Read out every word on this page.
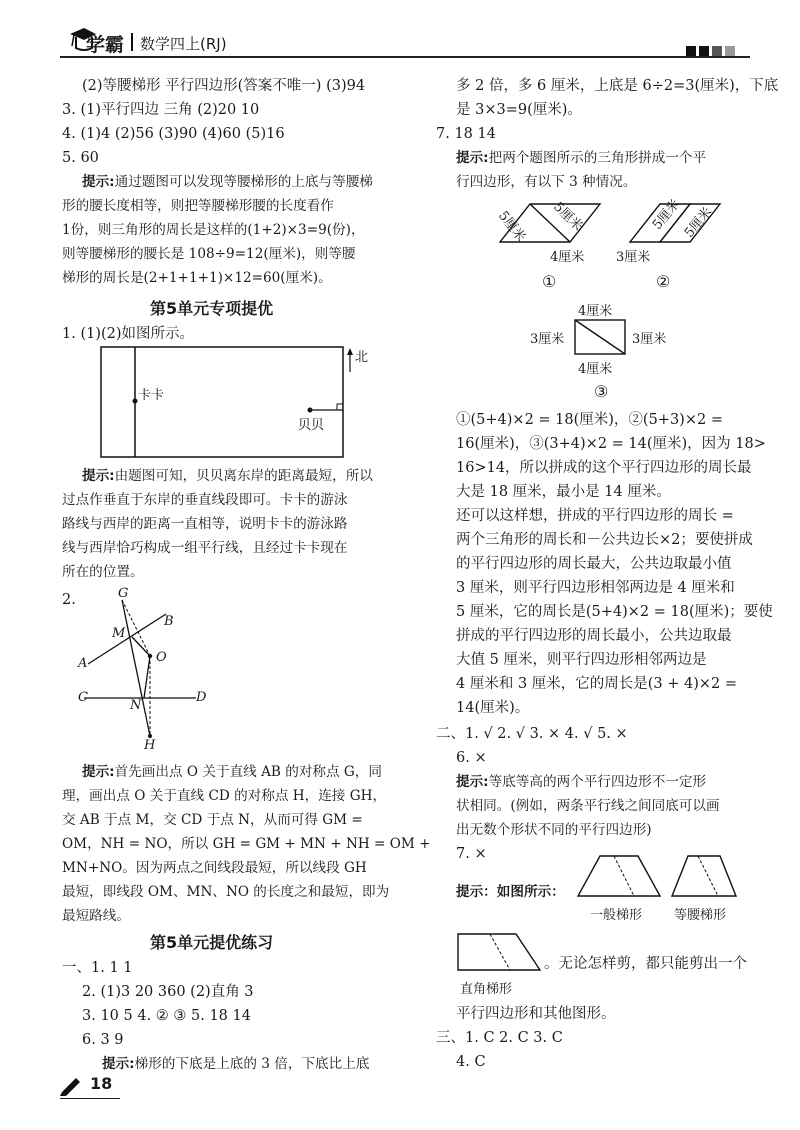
学霸 数学四上(RJ)
(2)等腰梯形 平行四边形(答案不唯一) (3)94
3. (1)平行四边 三角 (2)20 10
4. (1)4 (2)56 (3)90 (4)60 (5)16
5. 60
提示:通过题图可以发现等腰梯形的上底与等腰梯
形的腰长度相等，则把等腰梯形腰的长度看作
1份，则三角形的周长是这样的(1+2)×3=9(份)，
则等腰梯形的腰长是 108÷9=12(厘米)，则等腰
梯形的周长是(2+1+1+1)×12=60(厘米)。
第5单元专项提优
1. (1)(2)如图所示。
卡卡
贝贝
北
提示:由题图可知，贝贝离东岸的距离最短，所以
过点作垂直于东岸的垂直线段即可。卡卡的游泳
路线与西岸的距离一直相等，说明卡卡的游泳路
线与西岸恰巧构成一组平行线，且经过卡卡现在
所在的位置。
2.	G
B
M
O
A
C
N
D
H
提示:首先画出点 O 关于直线 AB 的对称点 G，同
理，画出点 O 关于直线 CD 的对称点 H，连接 GH，
交 AB 于点 M，交 CD 于点 N，从而可得 GM =
OM，NH = NO，所以 GH = GM + MN + NH = OM +
MN+NO。因为两点之间线段最短，所以线段 GH
最短，即线段 OM、MN、NO 的长度之和最短，即为
最短路线。
第5单元提优练习
一、1. 1 1
2. (1)3 20 360 (2)直角 3
3. 10 5 4. ② ③ 5. 18 14
6. 3 9
提示:梯形的下底是上底的 3 倍，下底比上底
18
多 2 倍，多 6 厘米，上底是 6÷2=3(厘米)，下底
是 3×3=9(厘米)。
7. 18 14
提示:把两个题图所示的三角形拼成一个平
行四边形，有以下 3 种情况。
5厘米 5厘米
4厘米
5厘米
5厘米
3厘米
①	②
4厘米
3厘米	3厘米
4厘米
③
①(5+4)×2 = 18(厘米)，②(5+3)×2 =
16(厘米)，③(3+4)×2 = 14(厘米)，因为 18>
16>14，所以拼成的这个平行四边形的周长最
大是 18 厘米，最小是 14 厘米。
还可以这样想，拼成的平行四边形的周长 =
两个三角形的周长和－公共边长×2；要使拼成
的平行四边形的周长最大，公共边取最小值
3 厘米，则平行四边形相邻两边是 4 厘米和
5 厘米，它的周长是(5+4)×2 = 18(厘米)；要使
拼成的平行四边形的周长最小，公共边取最
大值 5 厘米，则平行四边形相邻两边是
4 厘米和 3 厘米，它的周长是(3 + 4)×2 =
14(厘米)。
二、1. √ 2. √ 3. × 4. √ 5. ×
6. ×
提示:等底等高的两个平行四边形不一定形
状相同。(例如，两条平行线之间同底可以画
出无数个形状不同的平行四边形)
7. ×
提示：如图所示：
一般梯形 等腰梯形
直角梯形
。无论怎样剪，都只能剪出一个
平行四边形和其他图形。
三、1. C 2. C 3. C
4. C
